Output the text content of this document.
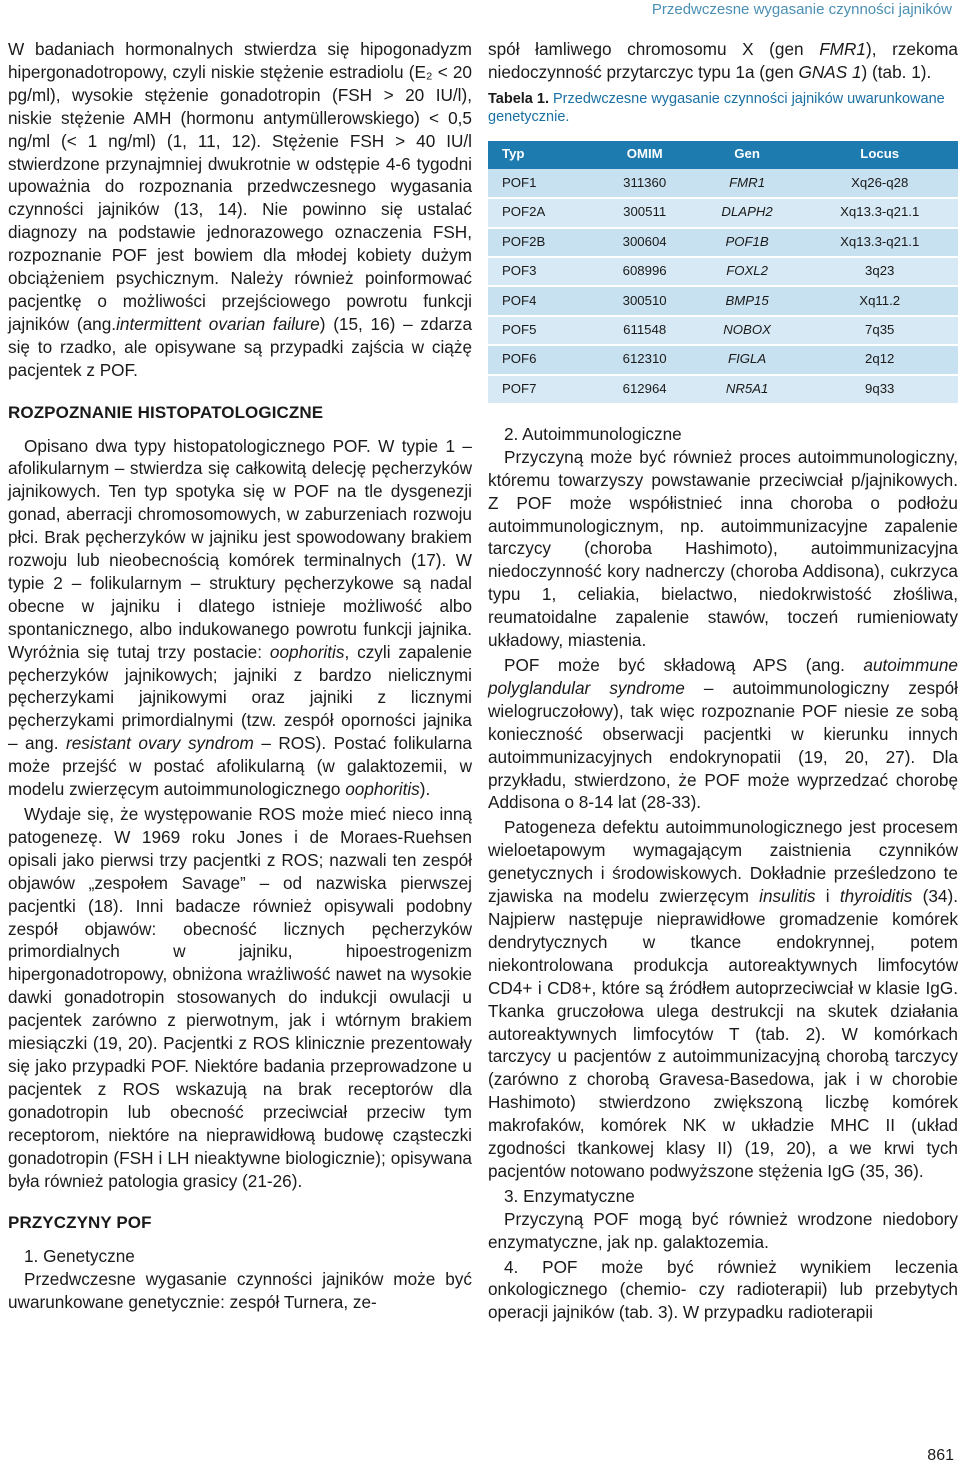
Przedwczesne wygasanie czynności jajników

W badaniach hormonalnych stwierdza się hipogonadyzm hipergonadotropowy, czyli niskie stężenie estradiolu (E₂ < 20 pg/ml), wysokie stężenie gonadotropin (FSH > 20 IU/l), niskie stężenie AMH (hormonu antymüllerowskiego) < 0,5 ng/ml (< 1 ng/ml) (1, 11, 12). Stężenie FSH > 40 IU/l stwierdzone przynajmniej dwukrotnie w odstępie 4-6 tygodni upoważnia do rozpoznania przedwczesnego wygasania czynności jajników (13, 14). Nie powinno się ustalać diagnozy na podstawie jednorazowego oznaczenia FSH, rozpoznanie POF jest bowiem dla młodej kobiety dużym obciążeniem psychicznym. Należy również poinformować pacjentkę o możliwości przejściowego powrotu funkcji jajników (ang.intermittent ovarian failure) (15, 16) – zdarza się to rzadko, ale opisywane są przypadki zajścia w ciążę pacjentek z POF.

ROZPOZNANIE HISTOPATOLOGICZNE

Opisano dwa typy histopatologicznego POF. W typie 1 – afolikularnym – stwierdza się całkowitą delecję pęcherzyków jajnikowych. Ten typ spotyka się w POF na tle dysgenezji gonad, aberracji chromosomowych, w zaburzeniach rozwoju płci. Brak pęcherzyków w jajniku jest spowodowany brakiem rozwoju lub nieobecnością komórek terminalnych (17). W typie 2 – folikularnym – struktury pęcherzykowe są nadal obecne w jajniku i dlatego istnieje możliwość albo spontanicznego, albo indukowanego powrotu funkcji jajnika. Wyróżnia się tutaj trzy postacie: oophoritis, czyli zapalenie pęcherzyków jajnikowych; jajniki z bardzo nielicznymi pęcherzykami jajnikowymi oraz jajniki z licznymi pęcherzykami primordialnymi (tzw. zespół oporności jajnika – ang. resistant ovary syndrom – ROS). Postać folikularna może przejść w postać afolikularną (w galaktozemii, w modelu zwierzęcym autoimmunologicznego oophoritis).

Wydaje się, że występowanie ROS może mieć nieco inną patogenezę. W 1969 roku Jones i de Moraes-Ruehsen opisali jako pierwsi trzy pacjentki z ROS; nazwali ten zespół objawów „zespołem Savage” – od nazwiska pierwszej pacjentki (18). Inni badacze również opisywali podobny zespół objawów: obecność licznych pęcherzyków primordialnych w jajniku, hipoestrogenizm hipergonadotropowy, obniżona wrażliwość nawet na wysokie dawki gonadotropin stosowanych do indukcji owulacji u pacjentek zarówno z pierwotnym, jak i wtórnym brakiem miesiączki (19, 20). Pacjentki z ROS klinicznie prezentowały się jako przypadki POF. Niektóre badania przeprowadzone u pacjentek z ROS wskazują na brak receptorów dla gonadotropin lub obecność przeciwciał przeciw tym receptorom, niektóre na nieprawidłową budowę cząsteczki gonadotropin (FSH i LH nieaktywne biologicznie); opisywana była również patologia grasicy (21-26).

PRZYCZYNY POF

1. Genetyczne

Przedwczesne wygasanie czynności jajników może być uwarunkowane genetycznie: zespół Turnera, ze-

spół łamliwego chromosomu X (gen FMR1), rzekoma niedoczynność przytarczyc typu 1a (gen GNAS 1) (tab. 1).

Tabela 1. Przedwczesne wygasanie czynności jajników uwarunkowane genetycznie.
Typ	OMIM	Gen	Locus
POF1	311360	FMR1	Xq26-q28
POF2A	300511	DLAPH2	Xq13.3-q21.1
POF2B	300604	POF1B	Xq13.3-q21.1
POF3	608996	FOXL2	3q23
POF4	300510	BMP15	Xq11.2
POF5	611548	NOBOX	7q35
POF6	612310	FIGLA	2q12
POF7	612964	NR5A1	9q33

2. Autoimmunologiczne

Przyczyną może być również proces autoimmunologiczny, któremu towarzyszy powstawanie przeciwciał p/jajnikowych. Z POF może współistnieć inna choroba o podłożu autoimmunologicznym, np. autoimmunizacyjne zapalenie tarczycy (choroba Hashimoto), autoimmunizacyjna niedoczynność kory nadnerczy (choroba Addisona), cukrzyca typu 1, celiakia, bielactwo, niedokrwistość złośliwa, reumatoidalne zapalenie stawów, toczeń rumieniowaty układowy, miastenia.

POF może być składową APS (ang. autoimmune polyglandular syndrome – autoimmunologiczny zespół wielogruczołowy), tak więc rozpoznanie POF niesie ze sobą konieczność obserwacji pacjentki w kierunku innych autoimmunizacyjnych endokrynopatii (19, 20, 27). Dla przykładu, stwierdzono, że POF może wyprzedzać chorobę Addisona o 8-14 lat (28-33).

Patogeneza defektu autoimmunologicznego jest procesem wieloetapowym wymagającym zaistnienia czynników genetycznych i środowiskowych. Dokładnie prześledzono te zjawiska na modelu zwierzęcym insulitis i thyroiditis (34). Najpierw następuje nieprawidłowe gromadzenie komórek dendrytycznych w tkance endokrynnej, potem niekontrolowana produkcja autoreaktywnych limfocytów CD4+ i CD8+, które są źródłem autoprzeciwciał w klasie IgG. Tkanka gruczołowa ulega destrukcji na skutek działania autoreaktywnych limfocytów T (tab. 2). W komórkach tarczycy u pacjentów z autoimmunizacyjną chorobą tarczycy (zarówno z chorobą Gravesa-Basedowa, jak i w chorobie Hashimoto) stwierdzono zwiększoną liczbę komórek makrofaków, komórek NK w układzie MHC II (układ zgodności tkankowej klasy II) (19, 20), a we krwi tych pacjentów notowano podwyższone stężenia IgG (35, 36).

3. Enzymatyczne

Przyczyną POF mogą być również wrodzone niedobory enzymatyczne, jak np. galaktozemia.

4. POF może być również wynikiem leczenia onkologicznego (chemio- czy radioterapii) lub przebytych operacji jajników (tab. 3). W przypadku radioterapii

861
